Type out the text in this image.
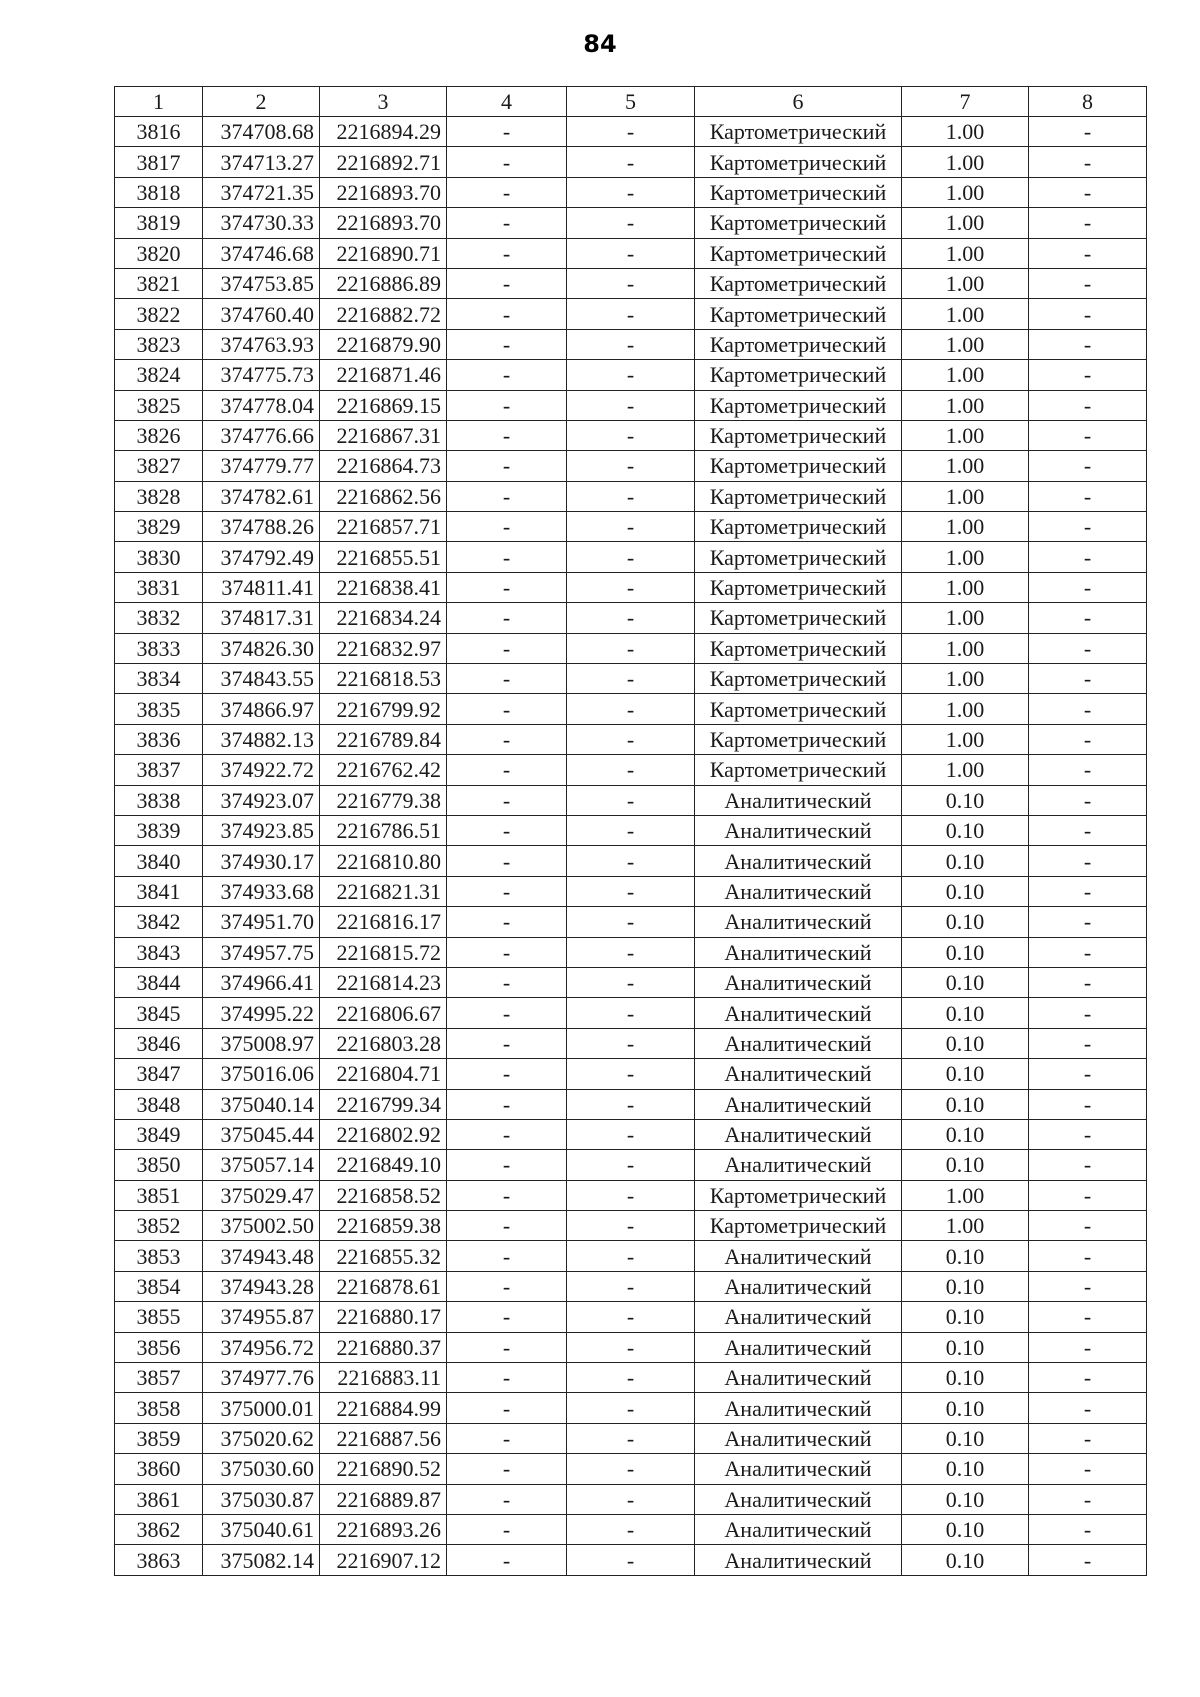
84
1	2	3	4	5	6	7	8
3816	374708.68	2216894.29	-	-	Картометрический	1.00	-
3817	374713.27	2216892.71	-	-	Картометрический	1.00	-
3818	374721.35	2216893.70	-	-	Картометрический	1.00	-
3819	374730.33	2216893.70	-	-	Картометрический	1.00	-
3820	374746.68	2216890.71	-	-	Картометрический	1.00	-
3821	374753.85	2216886.89	-	-	Картометрический	1.00	-
3822	374760.40	2216882.72	-	-	Картометрический	1.00	-
3823	374763.93	2216879.90	-	-	Картометрический	1.00	-
3824	374775.73	2216871.46	-	-	Картометрический	1.00	-
3825	374778.04	2216869.15	-	-	Картометрический	1.00	-
3826	374776.66	2216867.31	-	-	Картометрический	1.00	-
3827	374779.77	2216864.73	-	-	Картометрический	1.00	-
3828	374782.61	2216862.56	-	-	Картометрический	1.00	-
3829	374788.26	2216857.71	-	-	Картометрический	1.00	-
3830	374792.49	2216855.51	-	-	Картометрический	1.00	-
3831	374811.41	2216838.41	-	-	Картометрический	1.00	-
3832	374817.31	2216834.24	-	-	Картометрический	1.00	-
3833	374826.30	2216832.97	-	-	Картометрический	1.00	-
3834	374843.55	2216818.53	-	-	Картометрический	1.00	-
3835	374866.97	2216799.92	-	-	Картометрический	1.00	-
3836	374882.13	2216789.84	-	-	Картометрический	1.00	-
3837	374922.72	2216762.42	-	-	Картометрический	1.00	-
3838	374923.07	2216779.38	-	-	Аналитический	0.10	-
3839	374923.85	2216786.51	-	-	Аналитический	0.10	-
3840	374930.17	2216810.80	-	-	Аналитический	0.10	-
3841	374933.68	2216821.31	-	-	Аналитический	0.10	-
3842	374951.70	2216816.17	-	-	Аналитический	0.10	-
3843	374957.75	2216815.72	-	-	Аналитический	0.10	-
3844	374966.41	2216814.23	-	-	Аналитический	0.10	-
3845	374995.22	2216806.67	-	-	Аналитический	0.10	-
3846	375008.97	2216803.28	-	-	Аналитический	0.10	-
3847	375016.06	2216804.71	-	-	Аналитический	0.10	-
3848	375040.14	2216799.34	-	-	Аналитический	0.10	-
3849	375045.44	2216802.92	-	-	Аналитический	0.10	-
3850	375057.14	2216849.10	-	-	Аналитический	0.10	-
3851	375029.47	2216858.52	-	-	Картометрический	1.00	-
3852	375002.50	2216859.38	-	-	Картометрический	1.00	-
3853	374943.48	2216855.32	-	-	Аналитический	0.10	-
3854	374943.28	2216878.61	-	-	Аналитический	0.10	-
3855	374955.87	2216880.17	-	-	Аналитический	0.10	-
3856	374956.72	2216880.37	-	-	Аналитический	0.10	-
3857	374977.76	2216883.11	-	-	Аналитический	0.10	-
3858	375000.01	2216884.99	-	-	Аналитический	0.10	-
3859	375020.62	2216887.56	-	-	Аналитический	0.10	-
3860	375030.60	2216890.52	-	-	Аналитический	0.10	-
3861	375030.87	2216889.87	-	-	Аналитический	0.10	-
3862	375040.61	2216893.26	-	-	Аналитический	0.10	-
3863	375082.14	2216907.12	-	-	Аналитический	0.10	-
